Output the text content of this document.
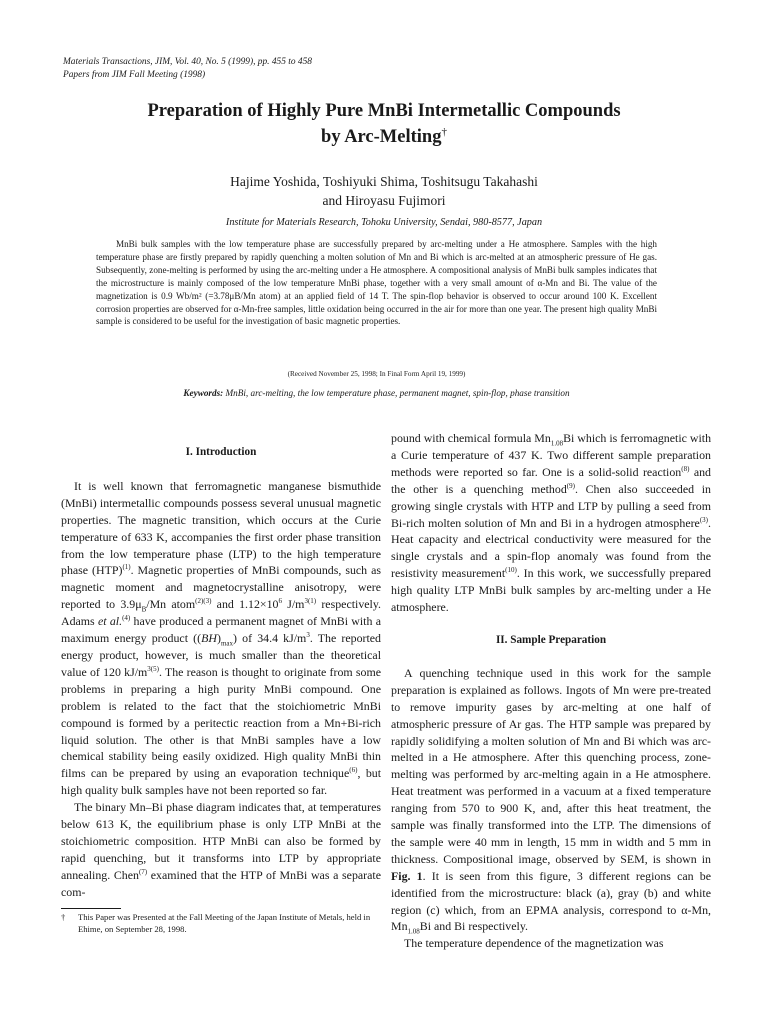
Materials Transactions, JIM, Vol. 40, No. 5 (1999), pp. 455 to 458
Papers from JIM Fall Meeting (1998)
Preparation of Highly Pure MnBi Intermetallic Compounds
by Arc-Melting†
Hajime Yoshida, Toshiyuki Shima, Toshitsugu Takahashi
and Hiroyasu Fujimori
Institute for Materials Research, Tohoku University, Sendai, 980-8577, Japan
MnBi bulk samples with the low temperature phase are successfully prepared by arc-melting under a He atmosphere. Samples with the high temperature phase are firstly prepared by rapidly quenching a molten solution of Mn and Bi which is arc-melted at an atmospheric pressure of He gas. Subsequently, zone-melting is performed by using the arc-melting under a He atmosphere. A compositional analysis of MnBi bulk samples indicates that the microstructure is mainly composed of the low temperature MnBi phase, together with a very small amount of α-Mn and Bi. The value of the magnetization is 0.9 Wb/m² (=3.78μB/Mn atom) at an applied field of 14 T. The spin-flop behavior is observed to occur around 100 K. Excellent corrosion properties are observed for α-Mn-free samples, little oxidation being occurred in the air for more than one year. The present high quality MnBi sample is considered to be useful for the investigation of basic magnetic properties.
(Received November 25, 1998; In Final Form April 19, 1999)
Keywords: MnBi, arc-melting, the low temperature phase, permanent magnet, spin-flop, phase transition
I. Introduction

It is well known that ferromagnetic manganese bismuthide (MnBi) intermetallic compounds possess several unusual magnetic properties. The magnetic transition, which occurs at the Curie temperature of 633 K, accompanies the first order phase transition from the low temperature phase (LTP) to the high temperature phase (HTP)$^{(1)}$. Magnetic properties of MnBi compounds, such as magnetic moment and magnetocrystalline anisotropy, were reported to $3.9\mu_B/Mn$ atom$^{(2)(3)}$ and $1.12\times 10^6$ $J/m^{3(1)}$ respectively. Adams et al.$^{(4)}$ have produced a permanent magnet of MnBi with a maximum energy product $((BH)_{max})$ of 34.4 $kJ/m^3$. The reported energy product, however, is much smaller than the theoretical value of 120 $kJ/m^{3(5)}$. The reason is thought to originate from some problems in preparing a high purity MnBi compound. One problem is related to the fact that the stoichiometric MnBi compound is formed by a peritectic reaction from a Mn+Bi-rich liquid solution. The other is that MnBi samples have a low chemical stability being easily oxidized. High quality MnBi thin films can be prepared by using an evaporation technique$^{(6)}$, but high quality bulk samples have not been reported so far.

The binary Mn–Bi phase diagram indicates that, at temperatures below 613 K, the equilibrium phase is only LTP MnBi at the stoichiometric composition. HTP MnBi can also be formed by rapid quenching, but it transforms into LTP by appropriate annealing. Chen$^{(7)}$ examined that the HTP of MnBi was a separate com-

pound with chemical formula $Mn_{1.08}Bi$ which is ferromagnetic with a Curie temperature of 437 K. Two different sample preparation methods were reported so far. One is a solid-solid reaction$^{(8)}$ and the other is a quenching method$^{(9)}$. Chen also succeeded in growing single crystals with HTP and LTP by pulling a seed from Bi-rich molten solution of Mn and Bi in a hydrogen atmosphere$^{(3)}$. Heat capacity and electrical conductivity were measured for the single crystals and a spin-flop anomaly was found from the resistivity measurement$^{(10)}$. In this work, we successfully prepared high quality LTP MnBi bulk samples by arc-melting under a He atmosphere.

II. Sample Preparation

A quenching technique used in this work for the sample preparation is explained as follows. Ingots of Mn were pre-treated to remove impurity gases by arc-melting at one half of atmospheric pressure of Ar gas. The HTP sample was prepared by rapidly solidifying a molten solution of Mn and Bi which was arc-melted in a He atmosphere. After this quenching process, zone-melting was performed by arc-melting again in a He atmosphere. Heat treatment was performed in a vacuum at a fixed temperature ranging from 570 to 900 K, and, after this heat treatment, the sample was finally transformed into the LTP. The dimensions of the sample were 40 mm in length, 15 mm in width and 5 mm in thickness. Compositional image, observed by SEM, is shown in Fig. 1. It is seen from this figure, 3 different regions can be identified from the microstructure: black (a), gray (b) and white region (c) which, from an EPMA analysis, correspond to α-Mn, $Mn_{1.08}Bi$ and Bi respectively.

The temperature dependence of the magnetization was

† This Paper was Presented at the Fall Meeting of the Japan Institute of Metals, held in Ehime, on September 28, 1998.
